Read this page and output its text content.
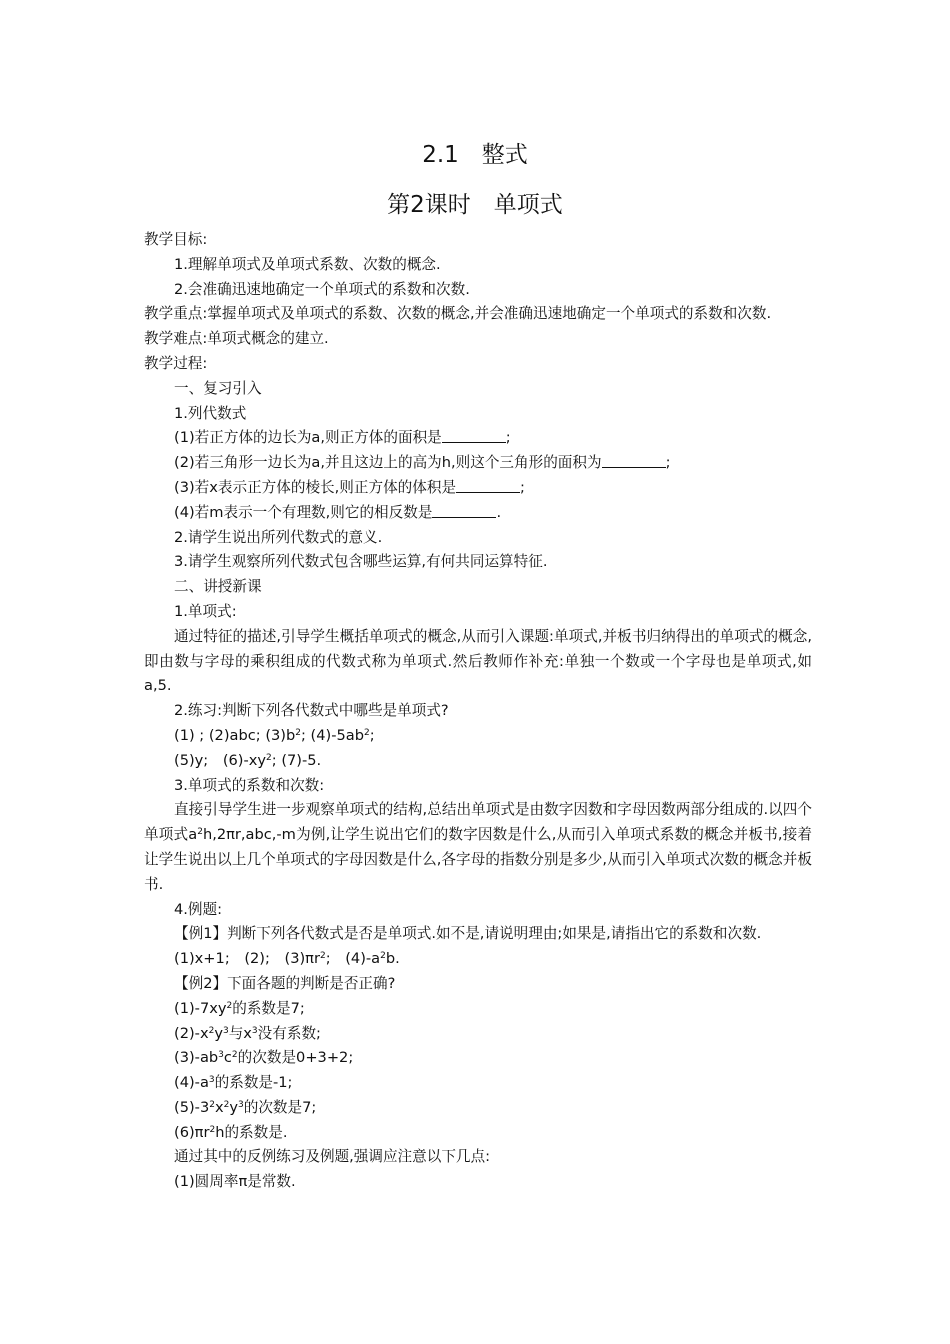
2.1　整式
第2课时　单项式

教学目标:

1.理解单项式及单项式系数、次数的概念.

2.会准确迅速地确定一个单项式的系数和次数.

教学重点:掌握单项式及单项式的系数、次数的概念,并会准确迅速地确定一个单项式的系数和次数.

教学难点:单项式概念的建立.

教学过程:

一、复习引入

1.列代数式

(1)若正方体的边长为a,则正方体的面积是	;

(2)若三角形一边长为a,并且这边上的高为h,则这个三角形的面积为	;

(3)若x表示正方体的棱长,则正方体的体积是	;

(4)若m表示一个有理数,则它的相反数是	.

2.请学生说出所列代数式的意义.

3.请学生观察所列代数式包含哪些运算,有何共同运算特征.

二、讲授新课

1.单项式:

通过特征的描述,引导学生概括单项式的概念,从而引入课题:单项式,并板书归纳得出的单项式的概念,即由数与字母的乘积组成的代数式称为单项式.然后教师作补充:单独一个数或一个字母也是单项式,如a,5.

2.练习:判断下列各代数式中哪些是单项式?

(1) ; (2)abc; $(3)b^2$; $(4)-5ab^2$;

(5)y;　$(6)-xy^2$; (7)-5.

3.单项式的系数和次数:

直接引导学生进一步观察单项式的结构,总结出单项式是由数字因数和字母因数两部分组成的.以四个单项式$a^2h,2\pi r,abc,-m$为例,让学生说出它们的数字因数是什么,从而引入单项式系数的概念并板书,接着让学生说出以上几个单项式的字母因数是什么,各字母的指数分别是多少,从而引入单项式次数的概念并板书.

4.例题:

【例1】判断下列各代数式是否是单项式.如不是,请说明理由;如果是,请指出它的系数和次数.

(1)x+1;　(2);　$(3)\pi r^2$;　$(4)-a^2b$.

【例2】下面各题的判断是否正确?

$(1)-7xy^2$的系数是7;

$(2)-x^2y^3$与$x^3$没有系数;

$(3)-ab^3c^2$的次数是0+3+2;

$(4)-a^3$的系数是-1;

$(5)-3^2x^2y^3$的次数是7;

$(6)\pi r^2h$的系数是.

通过其中的反例练习及例题,强调应注意以下几点:

(1)圆周率π是常数.
